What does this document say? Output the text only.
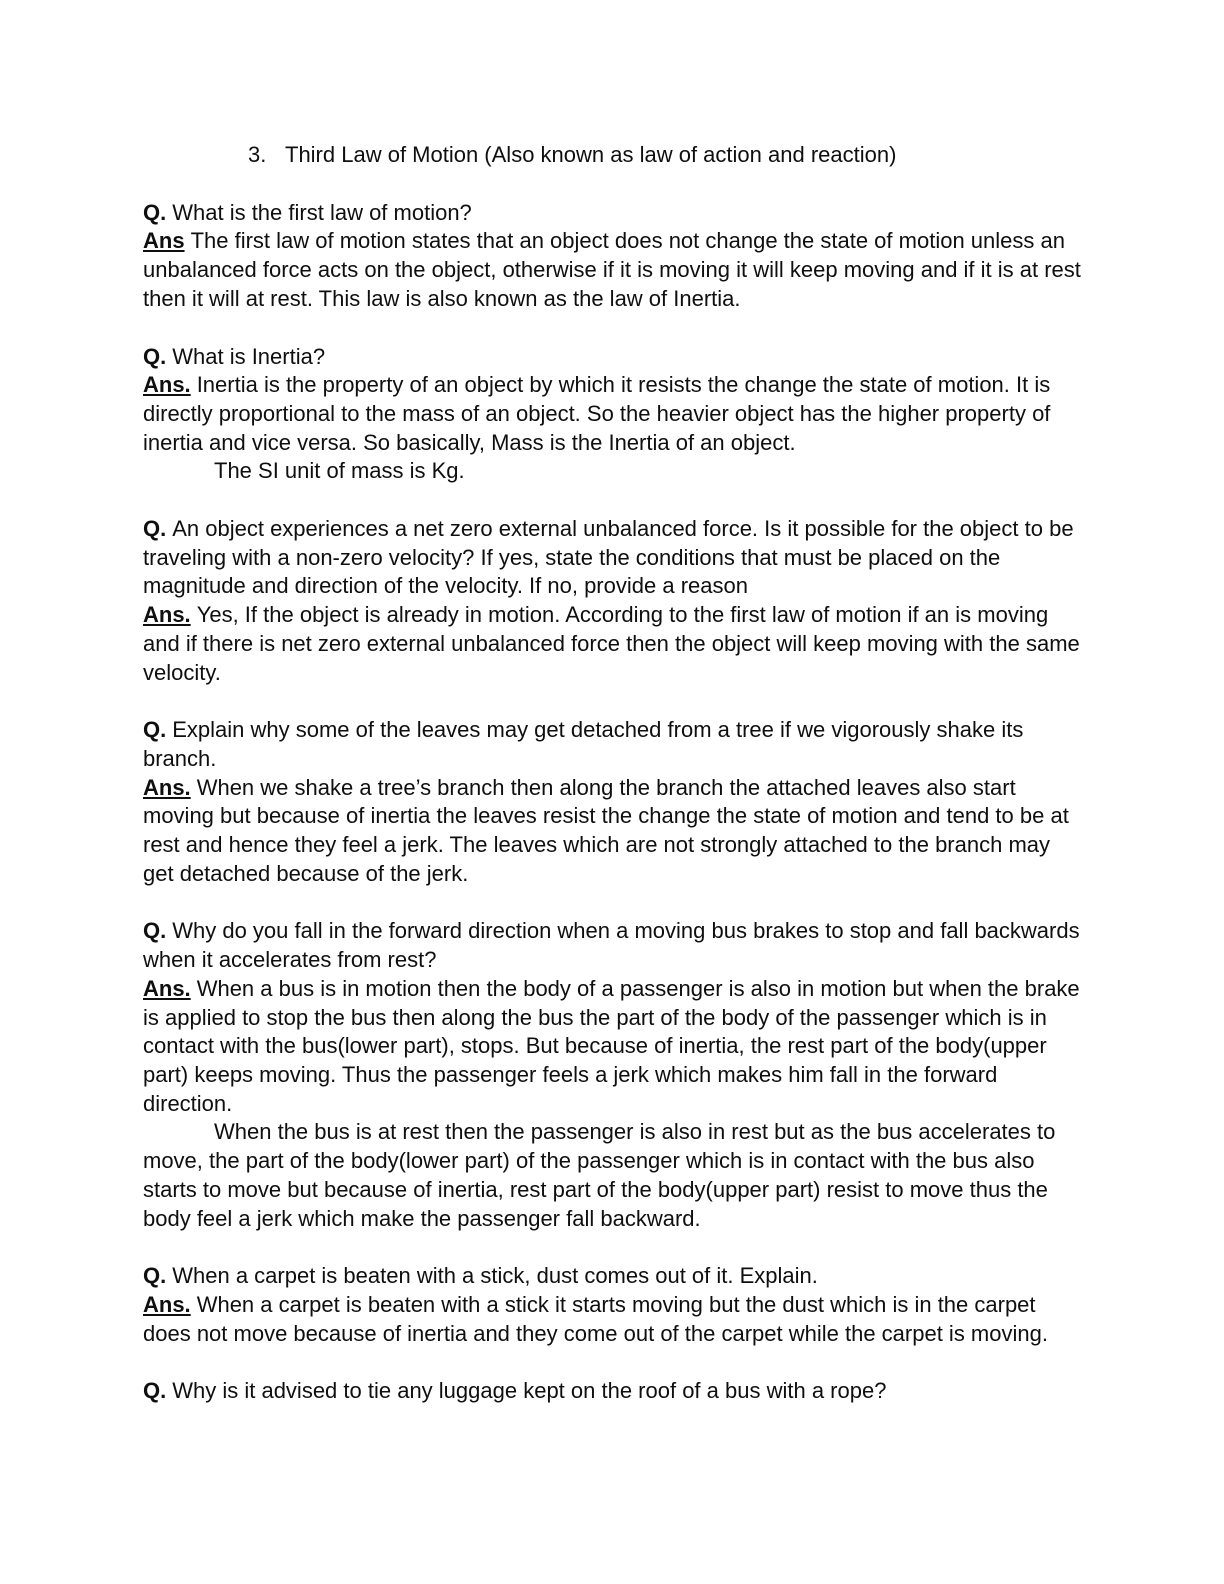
3. Third Law of Motion (Also known as law of action and reaction)

Q. What is the first law of motion?

Ans The first law of motion states that an object does not change the state of motion unless an unbalanced force acts on the object, otherwise if it is moving it will keep moving and if it is at rest then it will at rest. This law is also known as the law of Inertia.

Q. What is Inertia?

Ans. Inertia is the property of an object by which it resists the change the state of motion. It is directly proportional to the mass of an object. So the heavier object has the higher property of inertia and vice versa. So basically, Mass is the Inertia of an object.

The SI unit of mass is Kg.

Q. An object experiences a net zero external unbalanced force. Is it possible for the object to be traveling with a non-zero velocity? If yes, state the conditions that must be placed on the magnitude and direction of the velocity. If no, provide a reason

Ans. Yes, If the object is already in motion. According to the first law of motion if an is moving and if there is net zero external unbalanced force then the object will keep moving with the same velocity.

Q. Explain why some of the leaves may get detached from a tree if we vigorously shake its branch.

Ans. When we shake a tree’s branch then along the branch the attached leaves also start moving but because of inertia the leaves resist the change the state of motion and tend to be at rest and hence they feel a jerk. The leaves which are not strongly attached to the branch may get detached because of the jerk.

Q. Why do you fall in the forward direction when a moving bus brakes to stop and fall backwards when it accelerates from rest?

Ans. When a bus is in motion then the body of a passenger is also in motion but when the brake is applied to stop the bus then along the bus the part of the body of the passenger which is in contact with the bus(lower part), stops. But because of inertia, the rest part of the body(upper part) keeps moving. Thus the passenger feels a jerk which makes him fall in the forward direction.

When the bus is at rest then the passenger is also in rest but as the bus accelerates to move, the part of the body(lower part) of the passenger which is in contact with the bus also starts to move but because of inertia, rest part of the body(upper part) resist to move thus the body feel a jerk which make the passenger fall backward.

Q. When a carpet is beaten with a stick, dust comes out of it. Explain.

Ans. When a carpet is beaten with a stick it starts moving but the dust which is in the carpet does not move because of inertia and they come out of the carpet while the carpet is moving.

Q. Why is it advised to tie any luggage kept on the roof of a bus with a rope?
